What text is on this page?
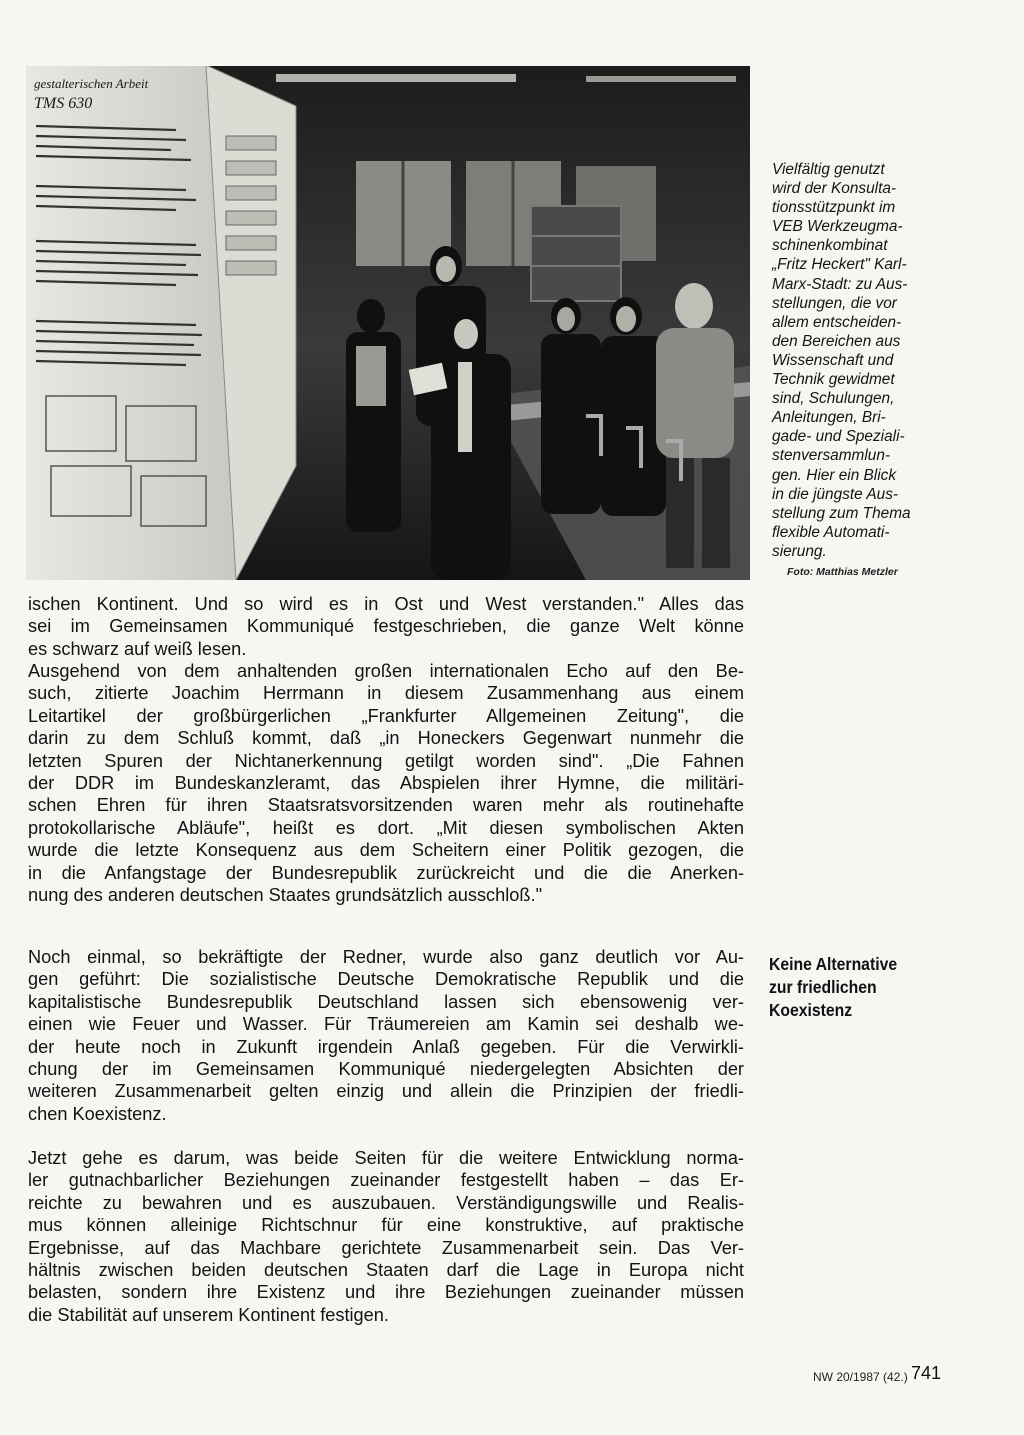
gestalterischen Arbeit
TMS 630
Vielfältig genutzt
wird der Konsulta-
tionsstützpunkt im
VEB Werkzeugma-
schinenkombinat
„Fritz Heckert" Karl-
Marx-Stadt: zu Aus-
stellungen, die vor
allem entscheiden-
den Bereichen aus
Wissenschaft und
Technik gewidmet
sind, Schulungen,
Anleitungen, Bri-
gade- und Speziali-
stenversammlun-
gen. Hier ein Blick
in die jüngste Aus-
stellung zum Thema
flexible Automati-
sierung.
Foto: Matthias Metzler
ischen Kontinent. Und so wird es in Ost und West verstanden." Alles das
sei im Gemeinsamen Kommuniqué festgeschrieben, die ganze Welt könne
es schwarz auf weiß lesen.
Ausgehend von dem anhaltenden großen internationalen Echo auf den Be-
such, zitierte Joachim Herrmann in diesem Zusammenhang aus einem
Leitartikel der großbürgerlichen „Frankfurter Allgemeinen Zeitung", die
darin zu dem Schluß kommt, daß „in Honeckers Gegenwart nunmehr die
letzten Spuren der Nichtanerkennung getilgt worden sind". „Die Fahnen
der DDR im Bundeskanzleramt, das Abspielen ihrer Hymne, die militäri-
schen Ehren für ihren Staatsratsvorsitzenden waren mehr als routinehafte
protokollarische Abläufe", heißt es dort. „Mit diesen symbolischen Akten
wurde die letzte Konsequenz aus dem Scheitern einer Politik gezogen, die
in die Anfangstage der Bundesrepublik zurückreicht und die die Anerken-
nung des anderen deutschen Staates grundsätzlich ausschloß."
Noch einmal, so bekräftigte der Redner, wurde also ganz deutlich vor Au-
gen geführt: Die sozialistische Deutsche Demokratische Republik und die
kapitalistische Bundesrepublik Deutschland lassen sich ebensowenig ver-
einen wie Feuer und Wasser. Für Träumereien am Kamin sei deshalb we-
der heute noch in Zukunft irgendein Anlaß gegeben. Für die Verwirkli-
chung der im Gemeinsamen Kommuniqué niedergelegten Absichten der
weiteren Zusammenarbeit gelten einzig und allein die Prinzipien der friedli-
chen Koexistenz.
Jetzt gehe es darum, was beide Seiten für die weitere Entwicklung norma-
ler gutnachbarlicher Beziehungen zueinander festgestellt haben – das Er-
reichte zu bewahren und es auszubauen. Verständigungswille und Realis-
mus können alleinige Richtschnur für eine konstruktive, auf praktische
Ergebnisse, auf das Machbare gerichtete Zusammenarbeit sein. Das Ver-
hältnis zwischen beiden deutschen Staaten darf die Lage in Europa nicht
belasten, sondern ihre Existenz und ihre Beziehungen zueinander müssen
die Stabilität auf unserem Kontinent festigen.
Keine Alternative
zur friedlichen
Koexistenz
NW 20/1987 (42.) 741
